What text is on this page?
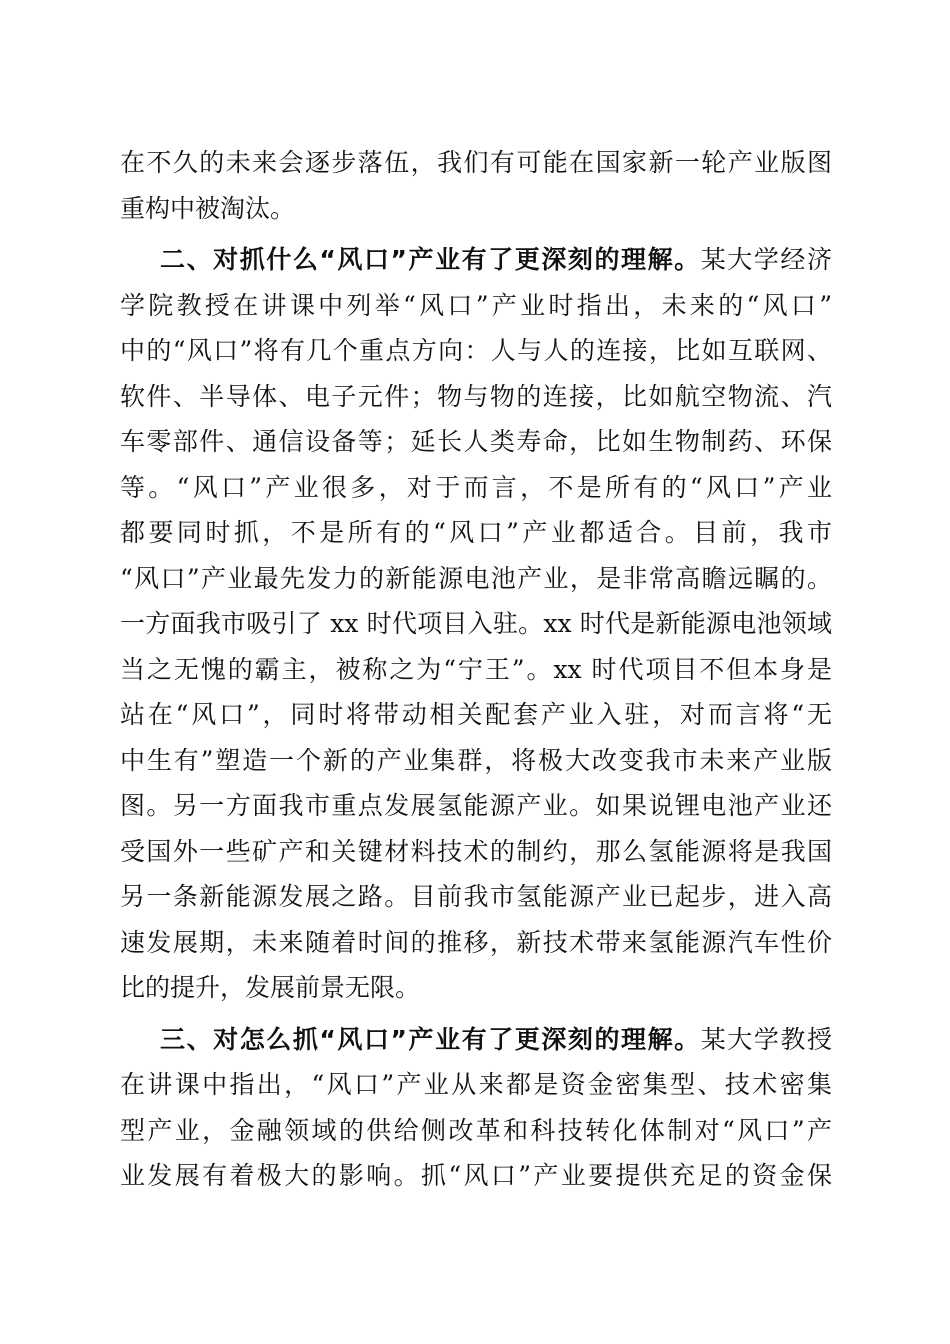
在不久的未来会逐步落伍，我们有可能在国家新一轮产业版图
重构中被淘汰。
二、对抓什么“风口”产业有了更深刻的理解。某大学经济
学院教授在讲课中列举“风口”产业时指出，未来的“风口”
中的“风口”将有几个重点方向：人与人的连接，比如互联网、
软件、半导体、电子元件；物与物的连接，比如航空物流、汽
车零部件、通信设备等；延长人类寿命，比如生物制药、环保
等。“风口”产业很多，对于而言，不是所有的“风口”产业
都要同时抓，不是所有的“风口”产业都适合。目前，我市
“风口”产业最先发力的新能源电池产业，是非常高瞻远瞩的。
一方面我市吸引了 xx 时代项目入驻。xx 时代是新能源电池领域
当之无愧的霸主，被称之为“宁王”。xx 时代项目不但本身是
站在“风口”，同时将带动相关配套产业入驻，对而言将“无
中生有”塑造一个新的产业集群，将极大改变我市未来产业版
图。另一方面我市重点发展氢能源产业。如果说锂电池产业还
受国外一些矿产和关键材料技术的制约，那么氢能源将是我国
另一条新能源发展之路。目前我市氢能源产业已起步，进入高
速发展期，未来随着时间的推移，新技术带来氢能源汽车性价
比的提升，发展前景无限。
三、对怎么抓“风口”产业有了更深刻的理解。某大学教授
在讲课中指出，“风口”产业从来都是资金密集型、技术密集
型产业，金融领域的供给侧改革和科技转化体制对“风口”产
业发展有着极大的影响。抓“风口”产业要提供充足的资金保
